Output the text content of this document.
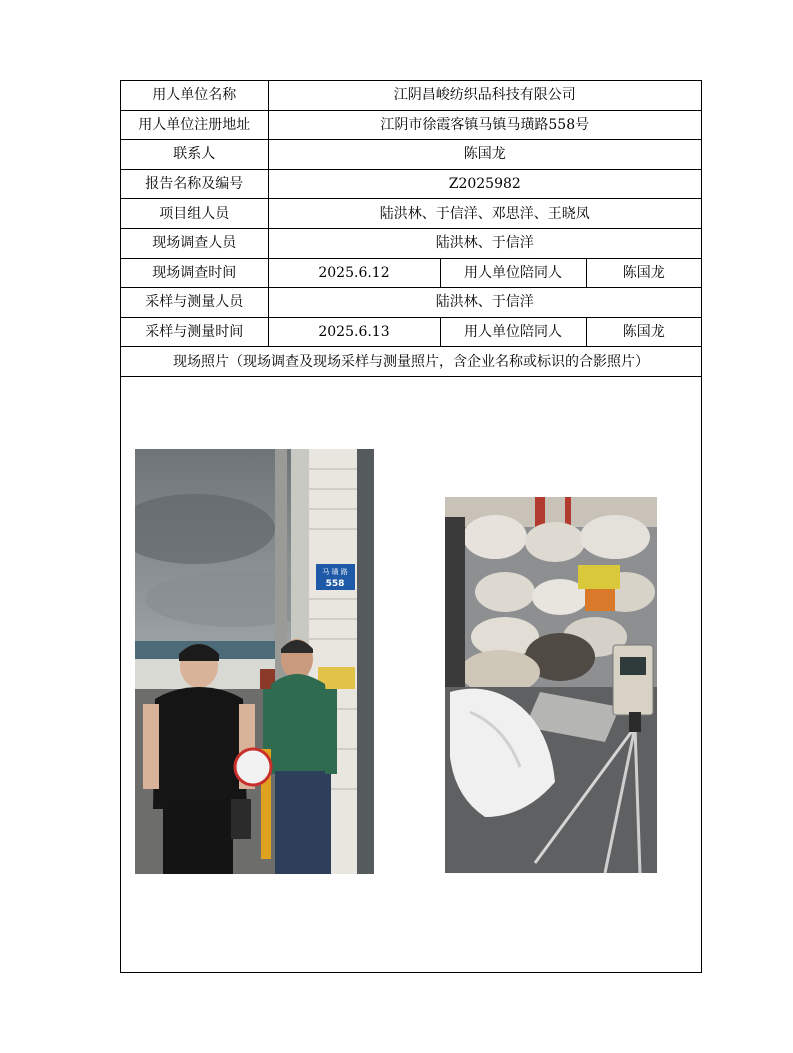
用人单位名称	江阴昌峻纺织品科技有限公司		
用人单位注册地址	江阴市徐霞客镇马镇马璜路558号		
联系人	陈国龙		
报告名称及编号	Z2025982		
项目组人员	陆洪林、于信洋、邓思洋、王晓凤		
现场调查人员	陆洪林、于信洋		
现场调查时间	2025.6.12	用人单位陪同人	陈国龙
采样与测量人员	陆洪林、于信洋		
采样与测量时间	2025.6.13	用人单位陪同人	陈国龙
现场照片（现场调查及现场采样与测量照片，含企业名称或标识的合影照片）			
马 璜 路
558
